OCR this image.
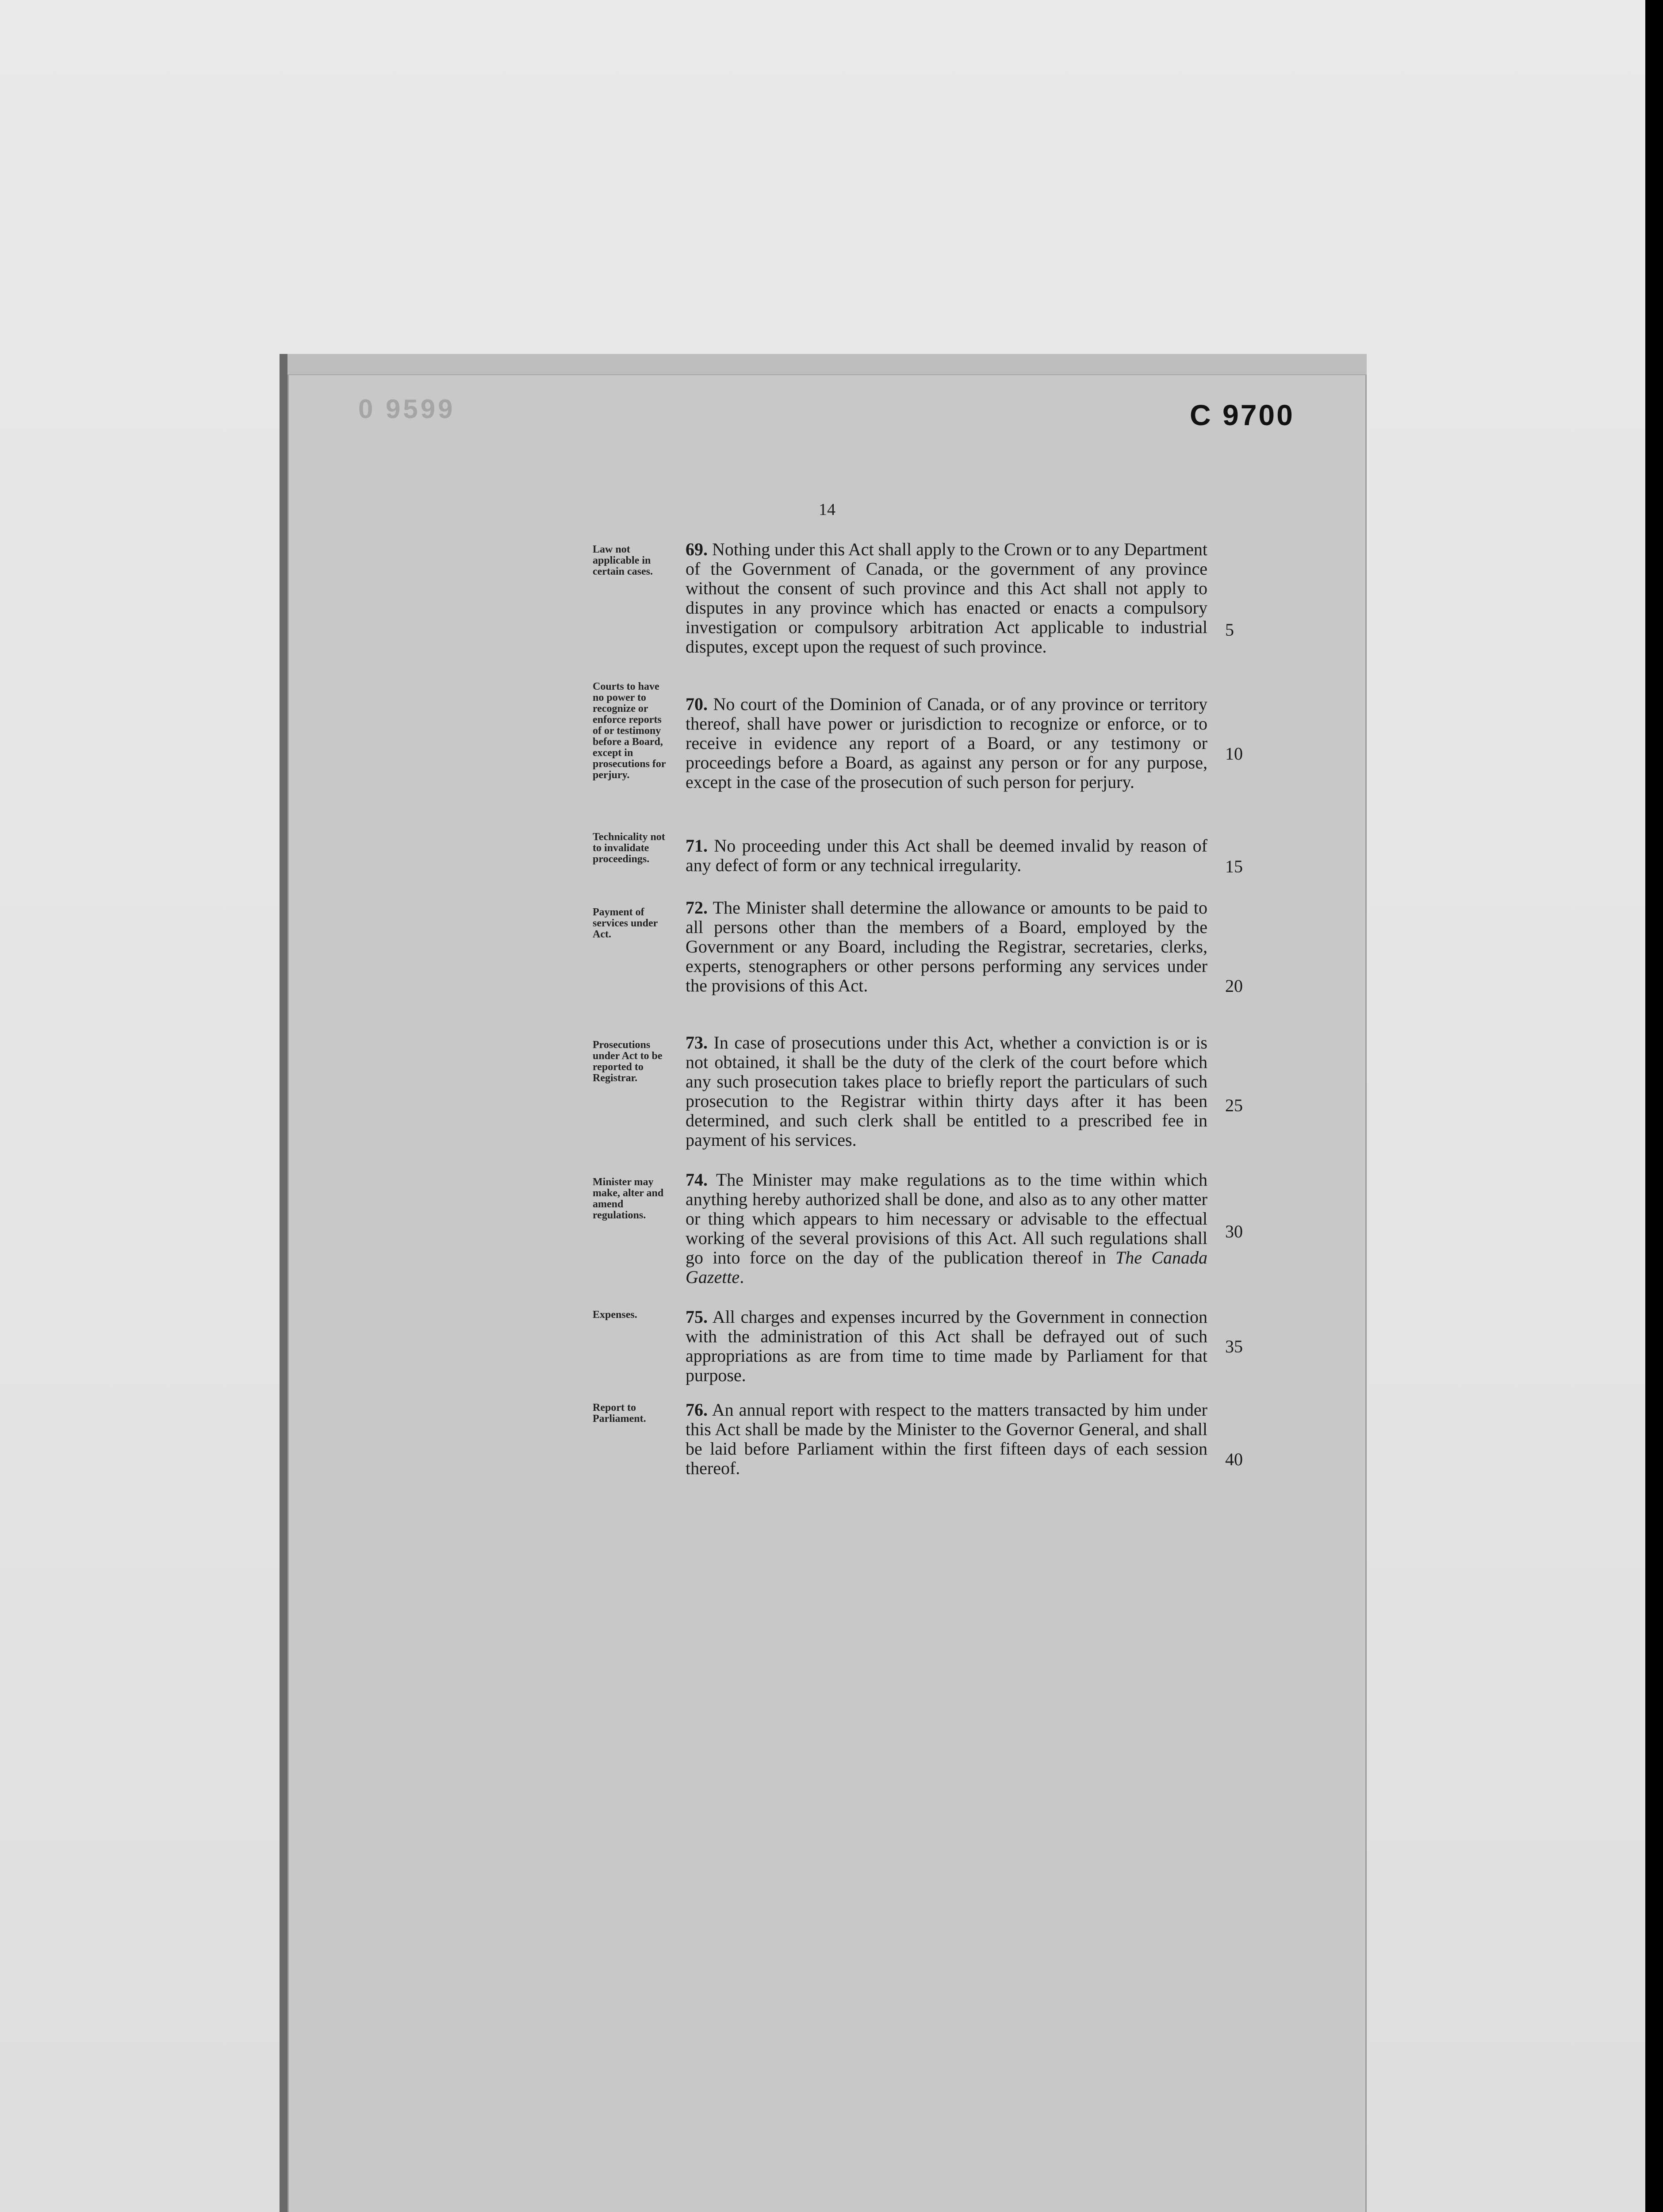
0 9599	C 9700
14
Law not applicable in certain cases.
69. Nothing under this Act shall apply to the Crown or to any Department of the Government of Canada, or the government of any province without the consent of such province and this Act shall not apply to disputes in any province which has enacted or enacts a compulsory investigation or compulsory arbitration Act applicable to industrial disputes, except upon the request of such province.
Courts to have no power to recognize or enforce reports of or testimony before a Board, except in prosecutions for perjury.
70. No court of the Dominion of Canada, or of any province or territory thereof, shall have power or jurisdiction to recognize or enforce, or to receive in evidence any report of a Board, or any testimony or proceedings before a Board, as against any person or for any purpose, except in the case of the prosecution of such person for perjury.
Technicality not to invalidate proceedings.
71. No proceeding under this Act shall be deemed invalid by reason of any defect of form or any technical irregularity.
Payment of services under Act.
72. The Minister shall determine the allowance or amounts to be paid to all persons other than the members of a Board, employed by the Government or any Board, including the Registrar, secretaries, clerks, experts, stenographers or other persons performing any services under the provisions of this Act.
Prosecutions under Act to be reported to Registrar.
73. In case of prosecutions under this Act, whether a conviction is or is not obtained, it shall be the duty of the clerk of the court before which any such prosecution takes place to briefly report the particulars of such prosecution to the Registrar within thirty days after it has been determined, and such clerk shall be entitled to a prescribed fee in payment of his services.
Minister may make, alter and amend regulations.
74. The Minister may make regulations as to the time within which anything hereby authorized shall be done, and also as to any other matter or thing which appears to him necessary or advisable to the effectual working of the several provisions of this Act. All such regulations shall go into force on the day of the publication thereof in The Canada Gazette.
Expenses.	75. All charges and expenses incurred by the Government in connection with the administration of this Act shall be defrayed out of such appropriations as are from time to time made by Parliament for that purpose.
Report to Parliament.	76. An annual report with respect to the matters transacted by him under this Act shall be made by the Minister to the Governor General, and shall be laid before Parliament within the first fifteen days of each session thereof.
5
10
15
20
25
30
35
40
